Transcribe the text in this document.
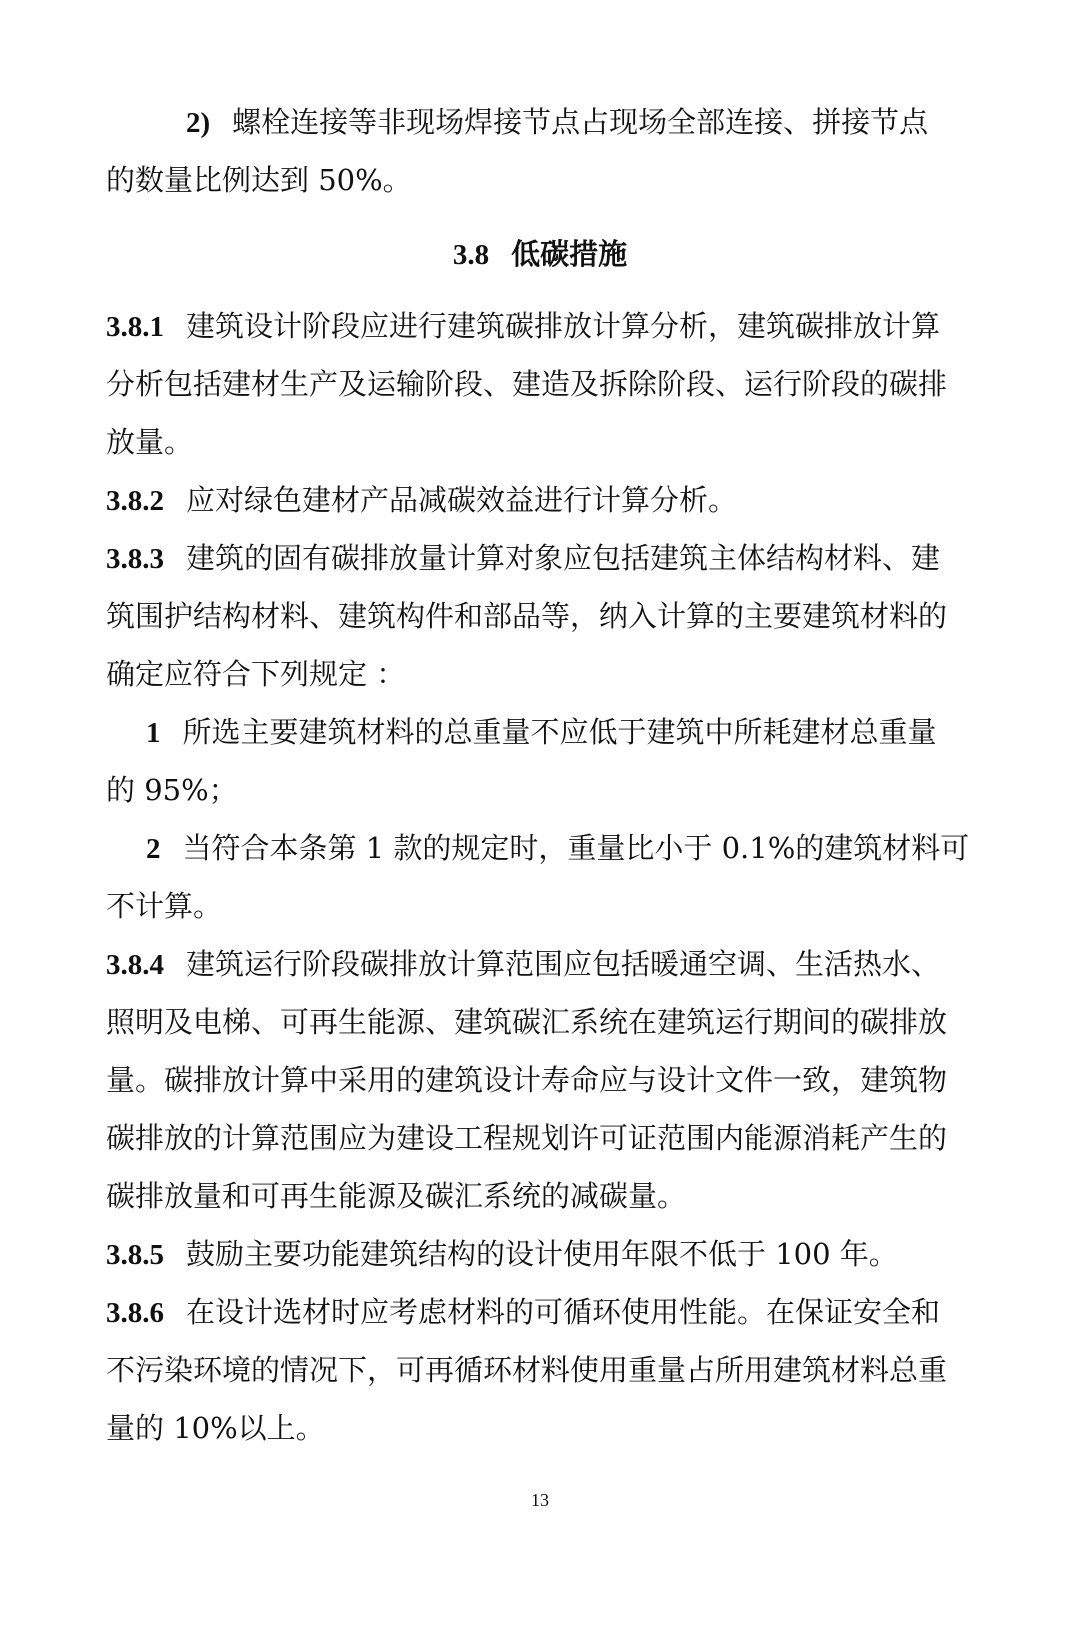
2) 螺栓连接等非现场焊接节点占现场全部连接、拼接节点
的数量比例达到 50%。
3.8 低碳措施
3.8.1 建筑设计阶段应进行建筑碳排放计算分析，建筑碳排放计算
分析包括建材生产及运输阶段、建造及拆除阶段、运行阶段的碳排
放量。
3.8.2 应对绿色建材产品减碳效益进行计算分析。
3.8.3 建筑的固有碳排放量计算对象应包括建筑主体结构材料、建
筑围护结构材料、建筑构件和部品等，纳入计算的主要建筑材料的
确定应符合下列规定 ：
1 所选主要建筑材料的总重量不应低于建筑中所耗建材总重量
的 95%；
2 当符合本条第 1 款的规定时，重量比小于 0.1%的建筑材料可
不计算。
3.8.4 建筑运行阶段碳排放计算范围应包括暖通空调、生活热水、
照明及电梯、可再生能源、建筑碳汇系统在建筑运行期间的碳排放
量。碳排放计算中采用的建筑设计寿命应与设计文件一致，建筑物
碳排放的计算范围应为建设工程规划许可证范围内能源消耗产生的
碳排放量和可再生能源及碳汇系统的减碳量。
3.8.5 鼓励主要功能建筑结构的设计使用年限不低于 100 年。
3.8.6 在设计选材时应考虑材料的可循环使用性能。在保证安全和
不污染环境的情况下，可再循环材料使用重量占所用建筑材料总重
量的 10%以上。
13
